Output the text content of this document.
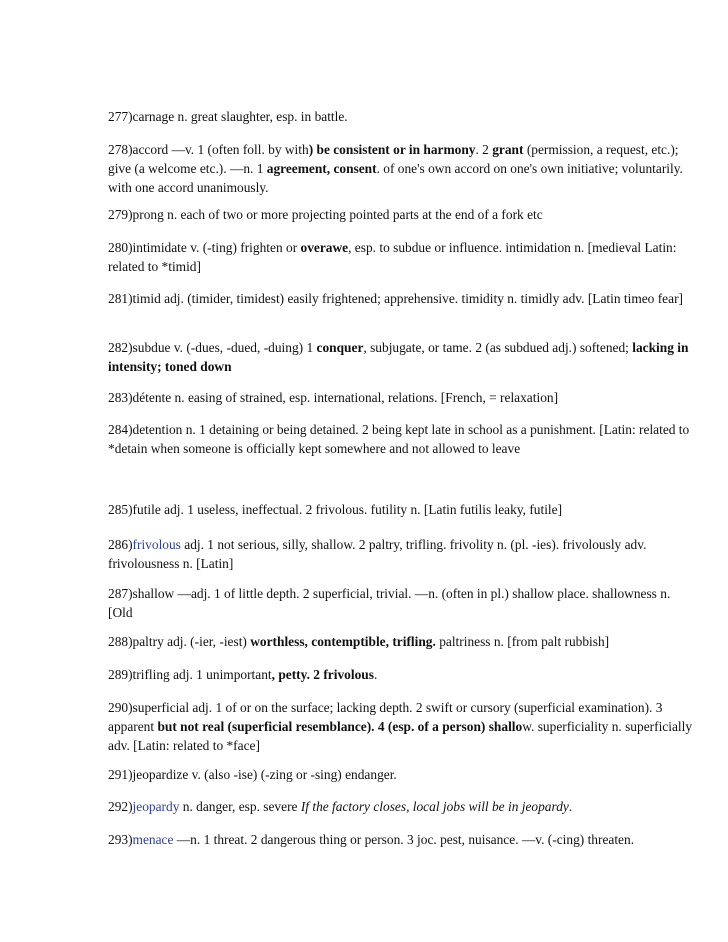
277)carnage n. great slaughter, esp. in battle.

278)accord —v. 1 (often foll. by with) be consistent or in harmony. 2 grant (permission, a request, etc.); give (a welcome etc.). —n. 1 agreement, consent. of one's own accord on one's own initiative; voluntarily. with one accord unanimously.

279)prong n. each of two or more projecting pointed parts at the end of a fork etc

280)intimidate v. (-ting) frighten or overawe, esp. to subdue or influence. intimidation n. [medieval Latin: related to *timid]

281)timid adj. (timider, timidest) easily frightened; apprehensive. timidity n. timidly adv. [Latin timeo fear]

282)subdue v. (-dues, -dued, -duing) 1 conquer, subjugate, or tame. 2 (as subdued adj.) softened; lacking in intensity; toned down

283)détente n. easing of strained, esp. international, relations. [French, = relaxation]

284)detention n. 1 detaining or being detained. 2 being kept late in school as a punishment. [Latin: related to *detain when someone is officially kept somewhere and not allowed to leave

285)futile adj. 1 useless, ineffectual. 2 frivolous. futility n. [Latin futilis leaky, futile]

286)frivolous adj. 1 not serious, silly, shallow. 2 paltry, trifling. frivolity n. (pl. -ies). frivolously adv. frivolousness n. [Latin]

287)shallow —adj. 1 of little depth. 2 superficial, trivial. —n. (often in pl.) shallow place. shallowness n. [Old

288)paltry adj. (-ier, -iest) worthless, contemptible, trifling. paltriness n. [from palt rubbish]

289)trifling adj. 1 unimportant, petty. 2 frivolous.

290)superficial adj. 1 of or on the surface; lacking depth. 2 swift or cursory (superficial examination). 3 apparent but not real (superficial resemblance). 4 (esp. of a person) shallow. superficiality n. superficially adv. [Latin: related to *face]

291)jeopardize v. (also -ise) (-zing or -sing) endanger.

292)jeopardy n. danger, esp. severe If the factory closes, local jobs will be in jeopardy.

293)menace —n. 1 threat. 2 dangerous thing or person. 3 joc. pest, nuisance. —v. (-cing) threaten.
